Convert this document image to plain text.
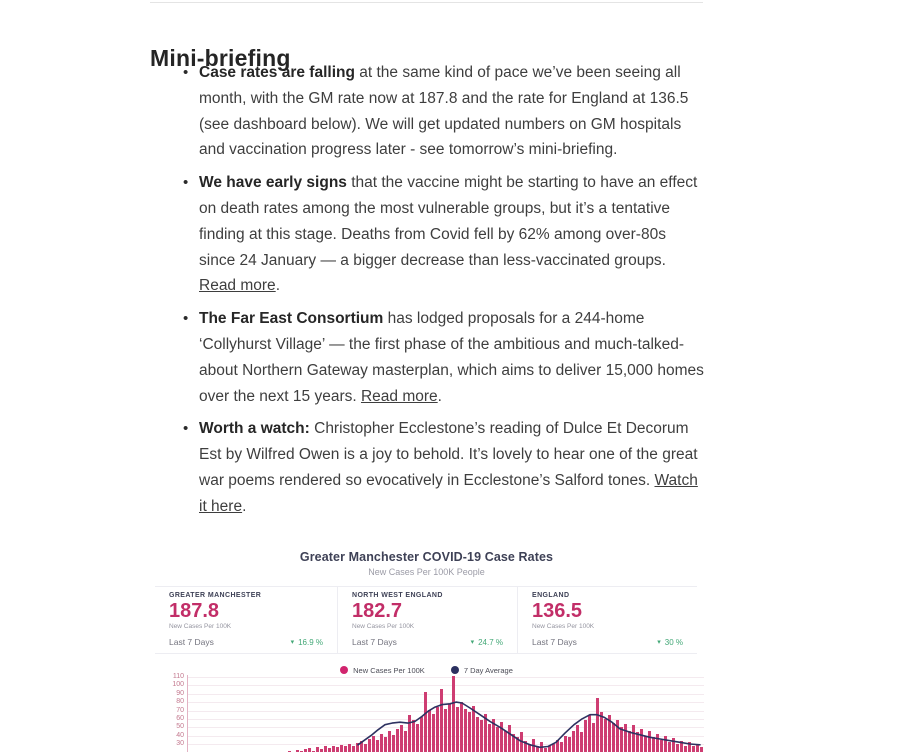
Mini-briefing
• Case rates are falling at the same kind of pace we’ve been seeing all month, with the GM rate now at 187.8 and the rate for England at 136.5 (see dashboard below). We will get updated numbers on GM hospitals and vaccination progress later - see tomorrow’s mini-briefing.
• We have early signs that the vaccine might be starting to have an effect on death rates among the most vulnerable groups, but it’s a tentative finding at this stage. Deaths from Covid fell by 62% among over-80s since 24 January — a bigger decrease than less-vaccinated groups. Read more.
• The Far East Consortium has lodged proposals for a 244-home ‘Collyhurst Village’ — the first phase of the ambitious and much-talked-about Northern Gateway masterplan, which aims to deliver 15,000 homes over the next 15 years. Read more.
• Worth a watch: Christopher Ecclestone’s reading of Dulce Et Decorum Est by Wilfred Owen is a joy to behold. It’s lovely to hear one of the great war poems rendered so evocatively in Ecclestone’s Salford tones. Watch it here.
Greater Manchester COVID-19 Case Rates
New Cases Per 100K People
GREATER MANCHESTER
187.8
New Cases Per 100K
Last 7 Days	▾ 16.9 %
NORTH WEST ENGLAND
182.7
New Cases Per 100K
Last 7 Days	▾ 24.7 %
ENGLAND
136.5
New Cases Per 100K
Last 7 Days	▾ 30 %
New Cases Per 100K	7 Day Average
110
100
90
80
70
60
50
40
30
